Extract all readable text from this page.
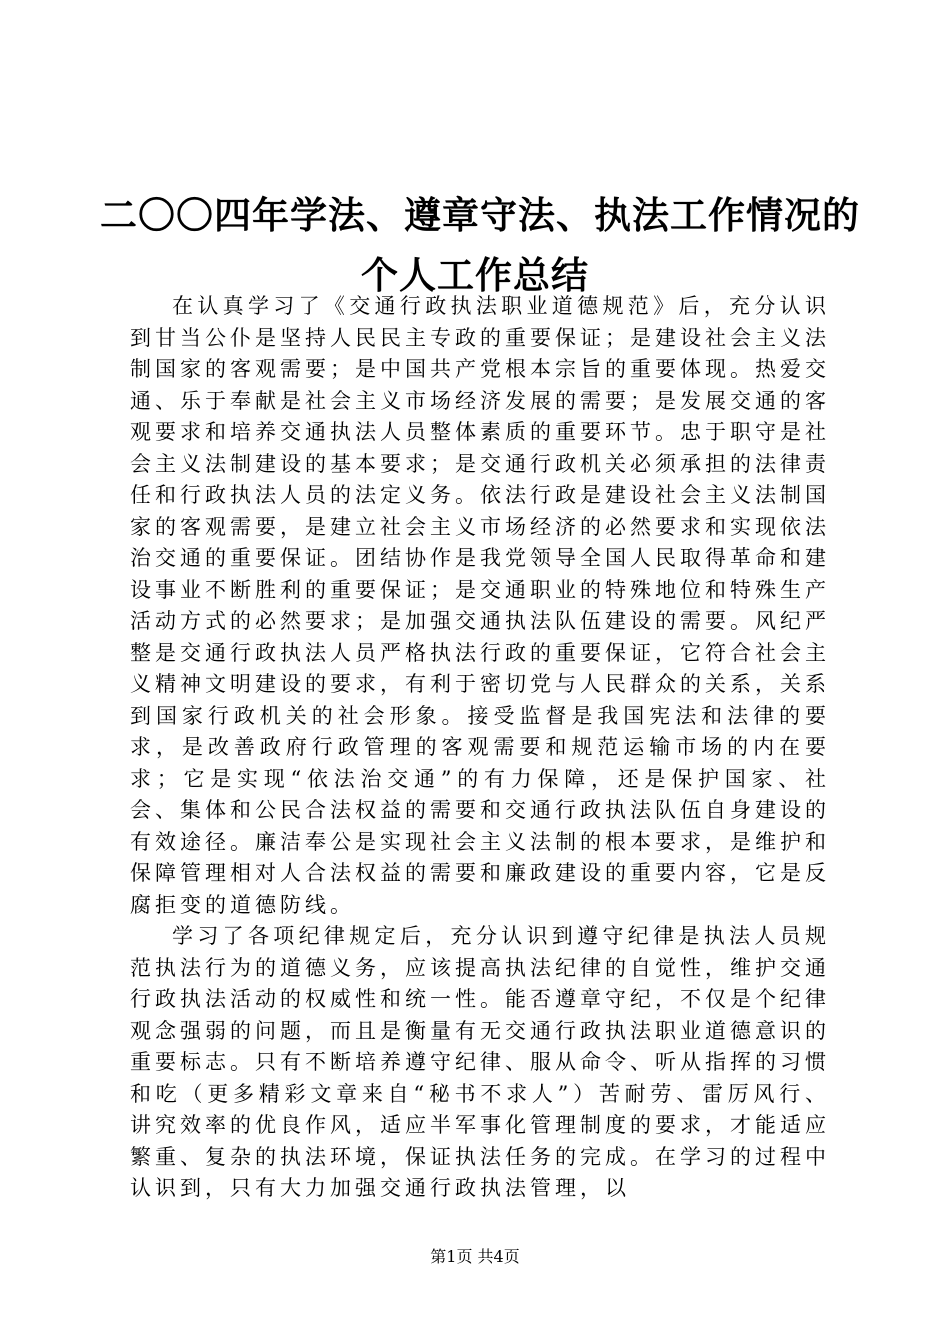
二〇〇四年学法、遵章守法、执法工作情况的
个人工作总结

在认真学习了《交通行政执法职业道德规范》后，充分认识到甘当公仆是坚持人民民主专政的重要保证；是建设社会主义法制国家的客观需要；是中国共产党根本宗旨的重要体现。热爱交通、乐于奉献是社会主义市场经济发展的需要；是发展交通的客观要求和培养交通执法人员整体素质的重要环节。忠于职守是社会主义法制建设的基本要求；是交通行政机关必须承担的法律责任和行政执法人员的法定义务。依法行政是建设社会主义法制国家的客观需要，是建立社会主义市场经济的必然要求和实现依法治交通的重要保证。团结协作是我党领导全国人民取得革命和建设事业不断胜利的重要保证；是交通职业的特殊地位和特殊生产活动方式的必然要求；是加强交通执法队伍建设的需要。风纪严整是交通行政执法人员严格执法行政的重要保证，它符合社会主义精神文明建设的要求，有利于密切党与人民群众的关系，关系到国家行政机关的社会形象。接受监督是我国宪法和法律的要求，是改善政府行政管理的客观需要和规范运输市场的内在要求；它是实现“依法治交通”的有力保障，还是保护国家、社会、集体和公民合法权益的需要和交通行政执法队伍自身建设的有效途径。廉洁奉公是实现社会主义法制的根本要求，是维护和保障管理相对人合法权益的需要和廉政建设的重要内容，它是反腐拒变的道德防线。

学习了各项纪律规定后，充分认识到遵守纪律是执法人员规范执法行为的道德义务，应该提高执法纪律的自觉性，维护交通行政执法活动的权威性和统一性。能否遵章守纪，不仅是个纪律观念强弱的问题，而且是衡量有无交通行政执法职业道德意识的重要标志。只有不断培养遵守纪律、服从命令、听从指挥的习惯和吃（更多精彩文章来自“秘书不求人”）苦耐劳、雷厉风行、讲究效率的优良作风，适应半军事化管理制度的要求，才能适应繁重、复杂的执法环境，保证执法任务的完成。在学习的过程中认识到，只有大力加强交通行政执法管理，以

第1页 共4页
